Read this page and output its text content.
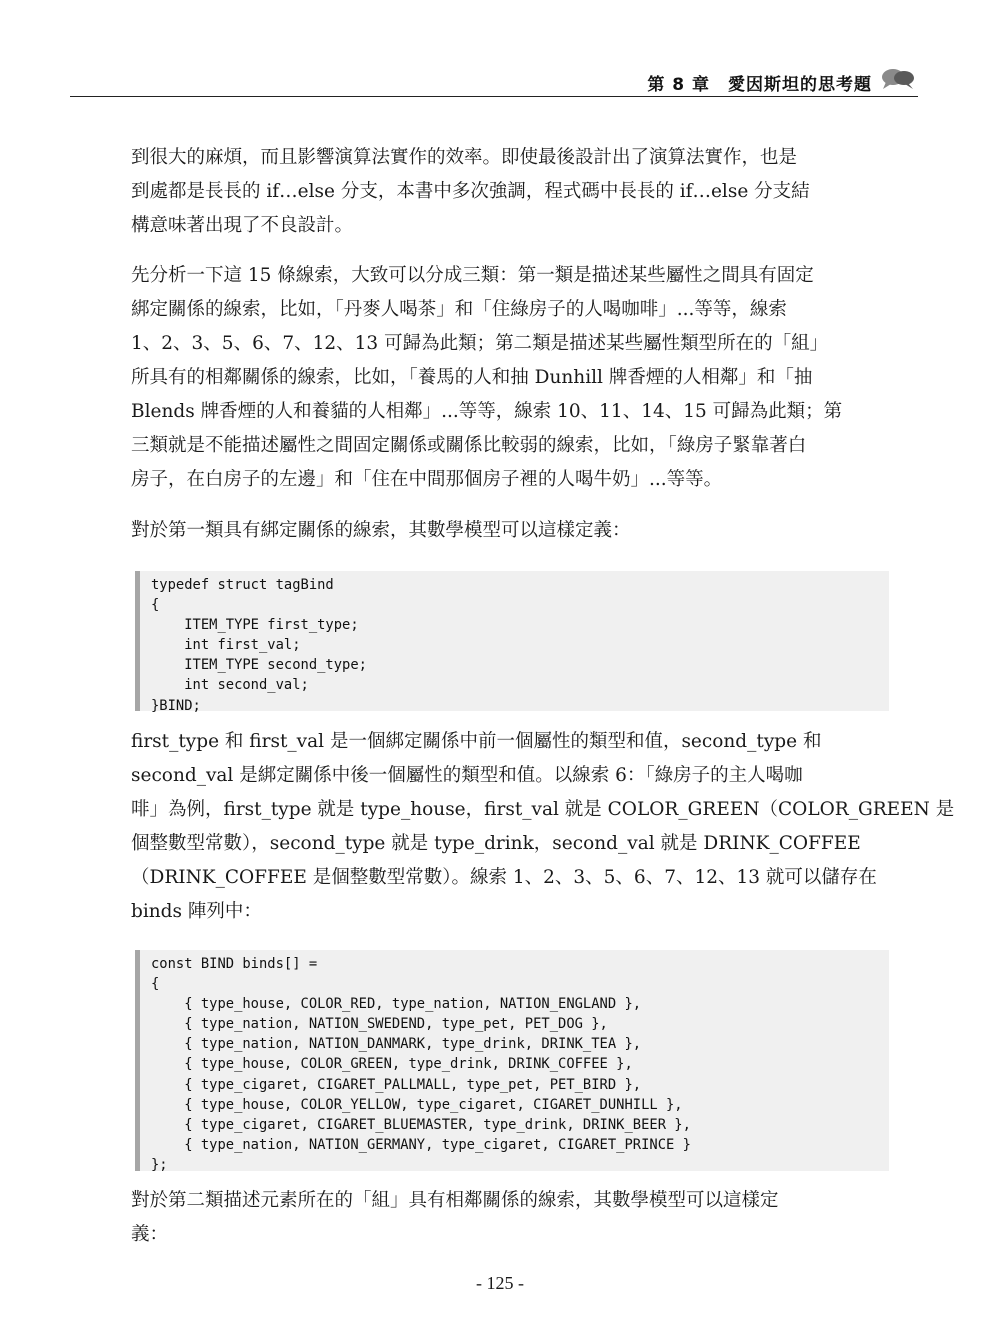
第 8 章　愛因斯坦的思考題

到很大的麻煩，而且影響演算法實作的效率。即使最後設計出了演算法實作，也是
到處都是長長的 if…else 分支，本書中多次強調，程式碼中長長的 if…else 分支結
構意味著出現了不良設計。

先分析一下這 15 條線索，大致可以分成三類：第一類是描述某些屬性之間具有固定
綁定關係的線索，比如，「丹麥人喝茶」和「住綠房子的人喝咖啡」...等等，線索
1、2、3、5、6、7、12、13 可歸為此類；第二類是描述某些屬性類型所在的「組」
所具有的相鄰關係的線索，比如，「養馬的人和抽 Dunhill 牌香煙的人相鄰」和「抽
Blends 牌香煙的人和養貓的人相鄰」...等等，線索 10、11、14、15 可歸為此類；第
三類就是不能描述屬性之間固定關係或關係比較弱的線索，比如，「綠房子緊靠著白
房子，在白房子的左邊」和「住在中間那個房子裡的人喝牛奶」...等等。

對於第一類具有綁定關係的線索，其數學模型可以這樣定義：

typedef struct tagBind
{
ITEM_TYPE first_type;
int first_val;
ITEM_TYPE second_type;
int second_val;
}BIND;

first_type 和 first_val 是一個綁定關係中前一個屬性的類型和值，second_type 和
second_val 是綁定關係中後一個屬性的類型和值。以線索 6：「綠房子的主人喝咖
啡」為例，first_type 就是 type_house，first_val 就是 COLOR_GREEN（COLOR_GREEN 是
個整數型常數），second_type 就是 type_drink，second_val 就是 DRINK_COFFEE
（DRINK_COFFEE 是個整數型常數）。線索 1、2、3、5、6、7、12、13 就可以儲存在
binds 陣列中：

const BIND binds[] =
{
{ type_house, COLOR_RED, type_nation, NATION_ENGLAND },
{ type_nation, NATION_SWEDEND, type_pet, PET_DOG },
{ type_nation, NATION_DANMARK, type_drink, DRINK_TEA },
{ type_house, COLOR_GREEN, type_drink, DRINK_COFFEE },
{ type_cigaret, CIGARET_PALLMALL, type_pet, PET_BIRD },
{ type_house, COLOR_YELLOW, type_cigaret, CIGARET_DUNHILL },
{ type_cigaret, CIGARET_BLUEMASTER, type_drink, DRINK_BEER },
{ type_nation, NATION_GERMANY, type_cigaret, CIGARET_PRINCE }
};

對於第二類描述元素所在的「組」具有相鄰關係的線索，其數學模型可以這樣定
義：

- 125 -
